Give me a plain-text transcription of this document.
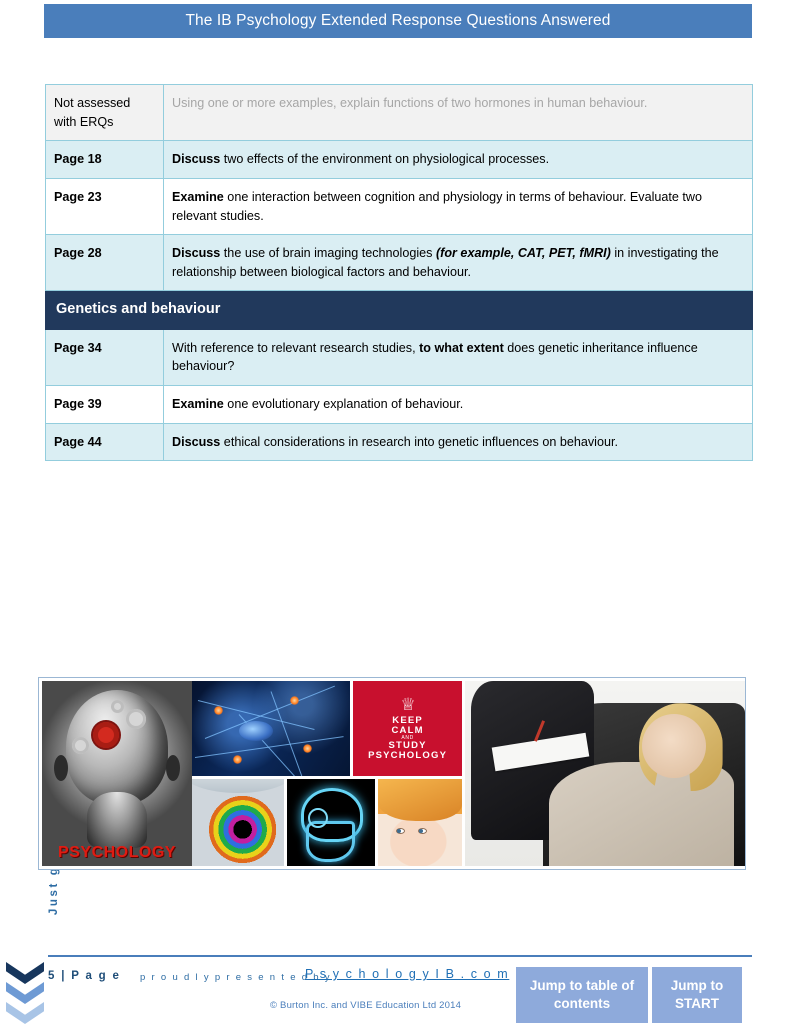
The IB Psychology Extended Response Questions Answered
Not assessed with ERQs	Using one or more examples, explain functions of two hormones in human behaviour.
Page 18	Discuss two effects of the environment on physiological processes.
Page 23	Examine one interaction between cognition and physiology in terms of behaviour. Evaluate two relevant studies.
Page 28	Discuss the use of brain imaging technologies (for example, CAT, PET, fMRI) in investigating the relationship between biological factors and behaviour.
Genetics and behaviour	
Page 34	With reference to relevant research studies, to what extent does genetic inheritance influence behaviour?
Page 39	Examine one evolutionary explanation of behaviour.
Page 44	Discuss ethical considerations in research into genetic influences on behaviour.
PSYCHOLOGY
♕
KEEP
CALM
AND
STUDY
PSYCHOLOGY
5 | P a g e p r o u d l y p r e s e n t e d b y
P s y c h o l o g y I B . c o m
© Burton Inc. and VIBE Education Ltd 2014
Jump to table of contents
Jump to START
